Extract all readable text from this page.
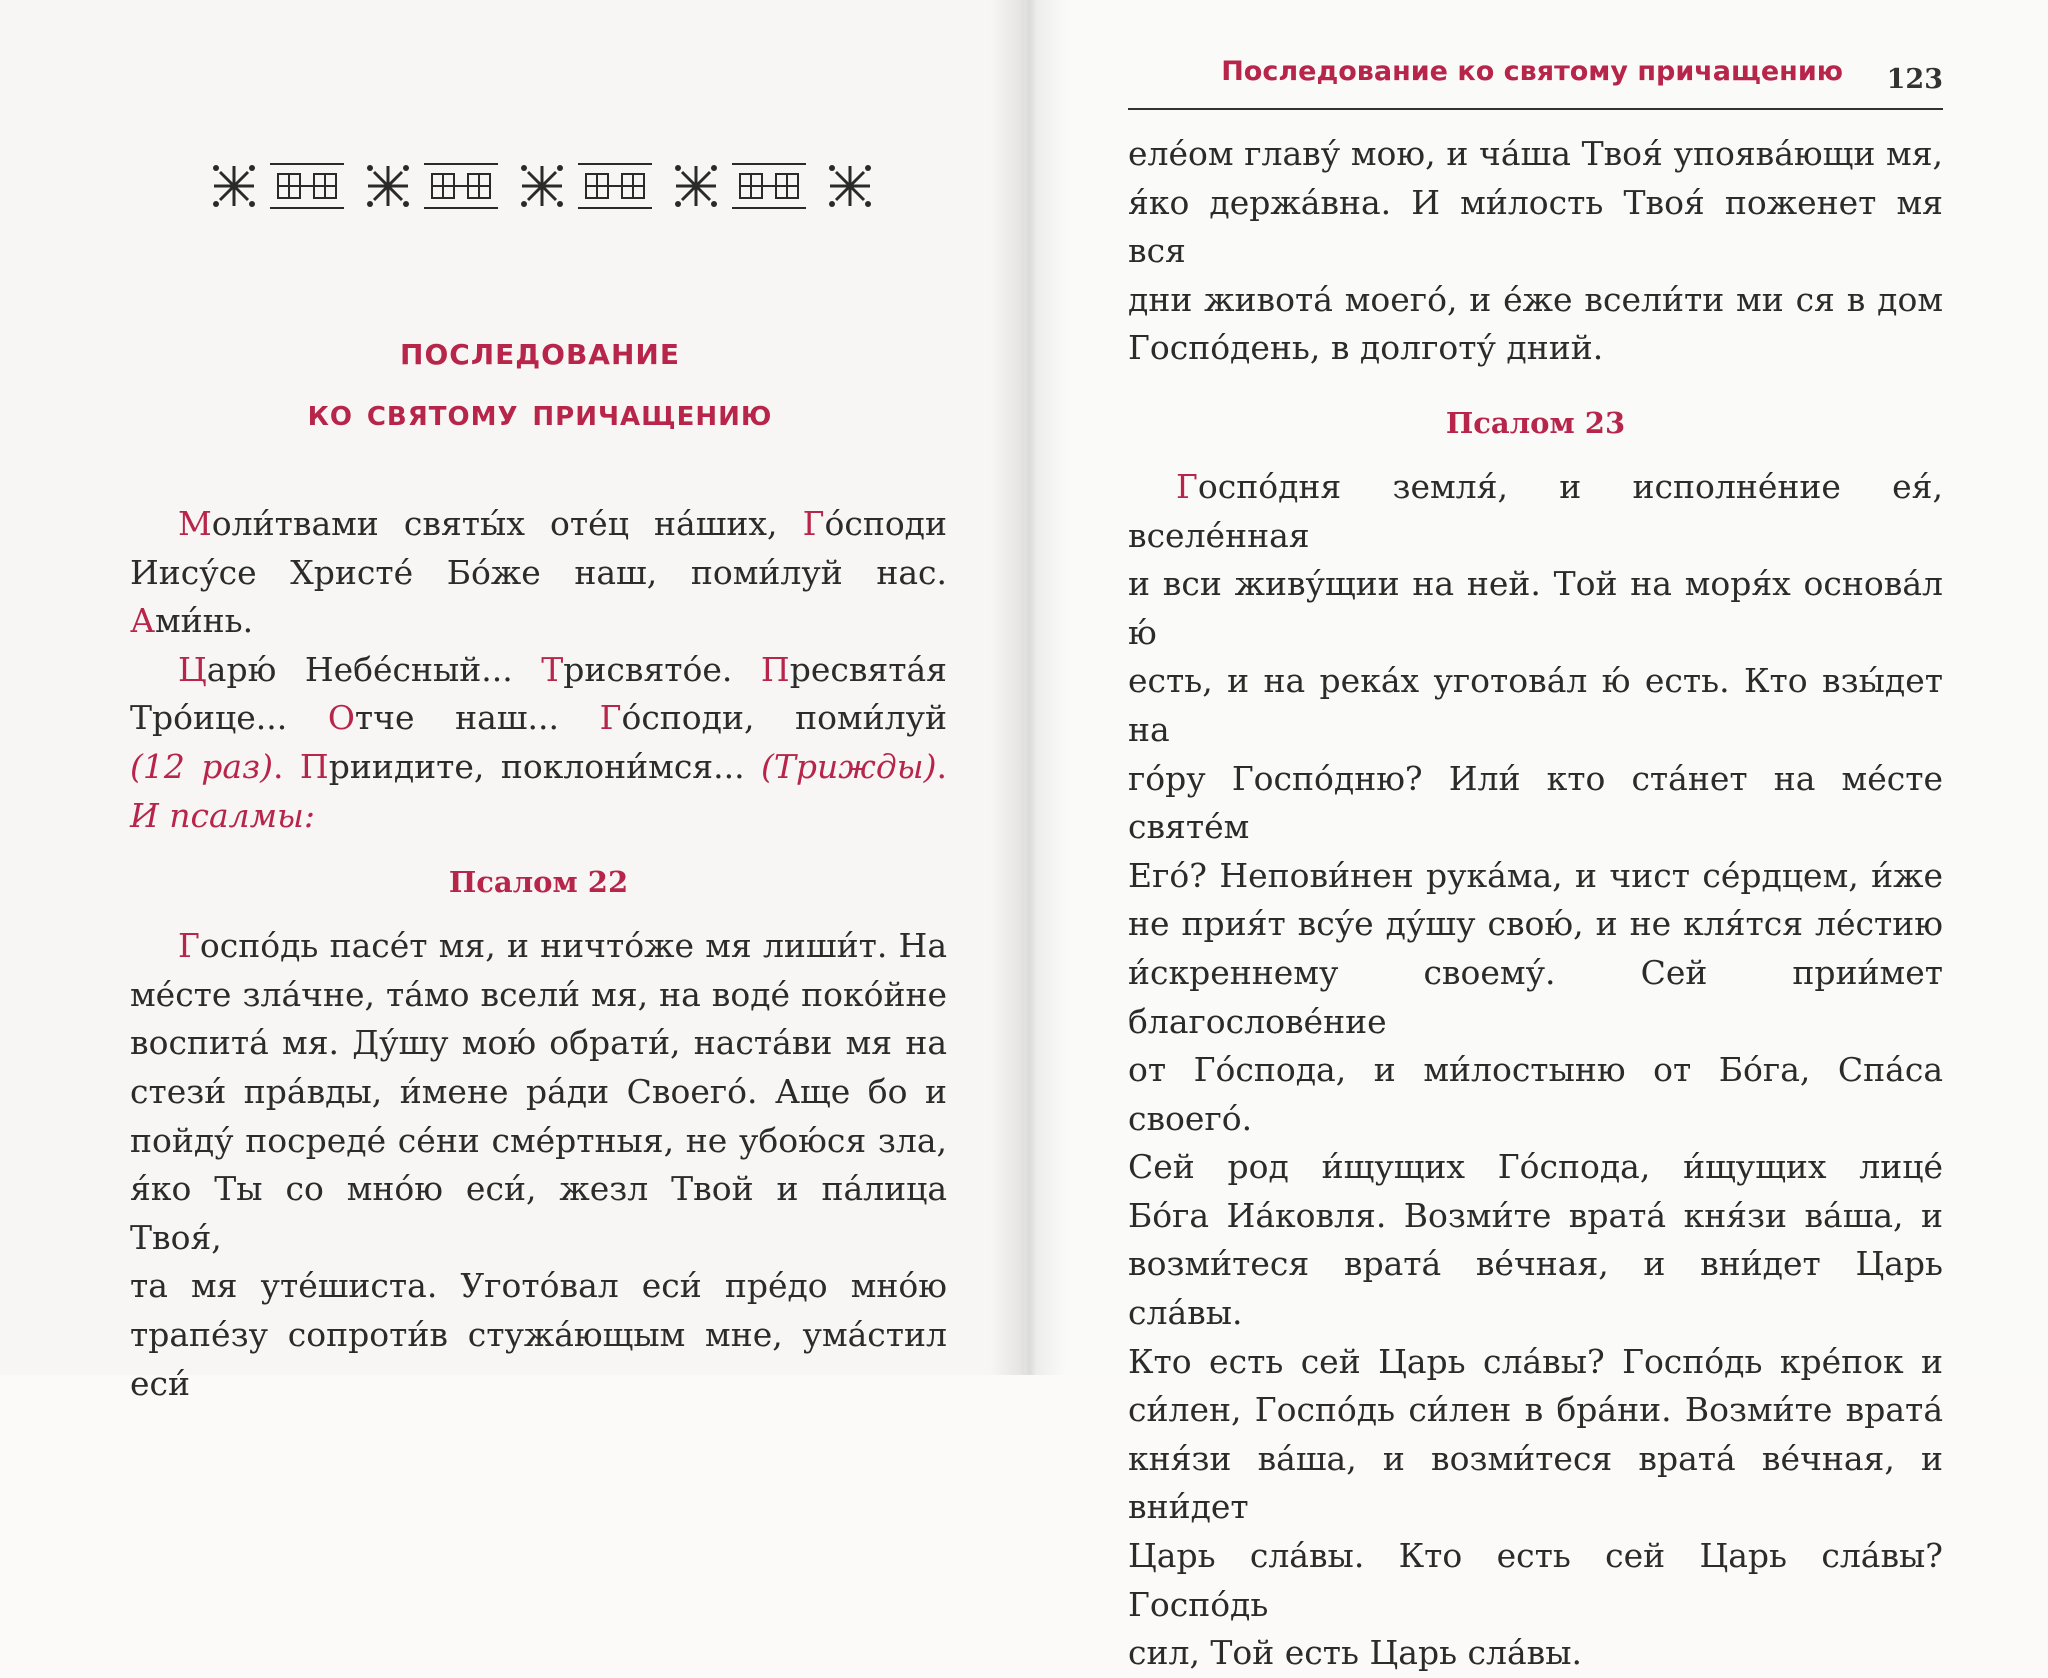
последование
ко святому причащению

Моли́твами святы́х оте́ц на́ших, Го́споди

Иису́се Христе́ Бо́же наш, поми́луй нас. Ами́нь.

Царю́ Небе́сный... Трисвято́е. Пресвята́я

Тро́ице... Отче наш... Го́споди, поми́луй

(12 раз). Приидите, поклони́мся... (Трижды).

И псалмы:

Псалом 22

Госпо́дь пасе́т мя, и ничто́же мя лиши́т. На

ме́сте зла́чне, та́мо всели́ мя, на воде́ поко́йне

воспита́ мя. Ду́шу мою́ обрати́, наста́ви мя на

стези́ пра́вды, и́мене ра́ди Своего́. Аще бо и

пойду́ посреде́ се́ни сме́ртныя, не убою́ся зла,

я́ко Ты со мно́ю еси́, жезл Твой и па́лица Твоя́,

та мя уте́шиста. Угото́вал еси́ пре́до мно́ю

трапе́зу сопроти́в стужа́ющым мне, ума́стил еси́

Последование ко святому причащению 123

еле́ом главу́ мою, и ча́ша Твоя́ упоява́ющи мя,

я́ко держа́вна. И ми́лость Твоя́ поженет мя вся

дни живота́ моего́, и е́же всели́ти ми ся в дом

Госпо́день, в долготу́ дний.

Псалом 23

Госпо́дня земля́, и исполне́ние ея́, вселе́нная

и вси живу́щии на ней. Той на моря́х основа́л ю́

есть, и на река́х уготова́л ю́ есть. Кто взы́дет на

го́ру Госпо́дню? Или́ кто ста́нет на ме́сте святе́м

Его́? Непови́нен рука́ма, и чист се́рдцем, и́же

не прия́т всу́е ду́шу свою́, и не кля́тся ле́стию

и́скреннему своему́. Сей прии́мет благослове́ние

от Го́спода, и ми́лостыню от Бо́га, Спа́са своего́.

Сей род и́щущих Го́спода, и́щущих лице́

Бо́га Иа́ковля. Возми́те врата́ кня́зи ва́ша, и

возми́теся врата́ ве́чная, и вни́дет Царь сла́вы.

Кто есть сей Царь сла́вы? Госпо́дь кре́пок и

си́лен, Госпо́дь си́лен в бра́ни. Возми́те врата́

кня́зи ва́ша, и возми́теся врата́ ве́чная, и вни́дет

Царь сла́вы. Кто есть сей Царь сла́вы? Госпо́дь

сил, Той есть Царь сла́вы.
